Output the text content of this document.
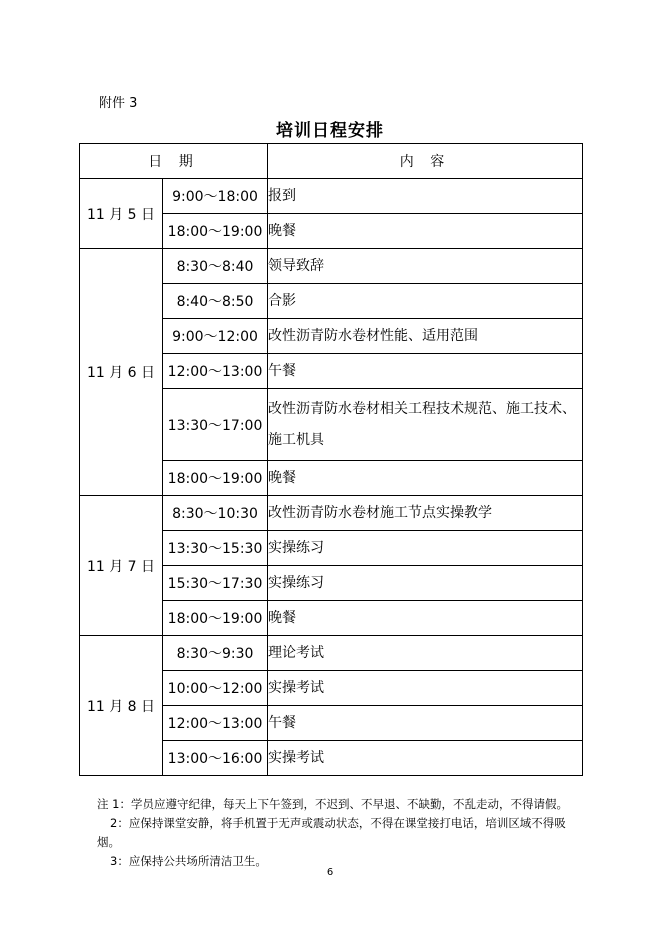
附件 3
培训日程安排
日 期		内 容
11 月 5 日	9:00～18:00	报到
	18:00～19:00	晚餐
11 月 6 日	8:30～8:40	领导致辞
	8:40～8:50	合影
	9:00～12:00	改性沥青防水卷材性能、适用范围
	12:00～13:00	午餐
	13:30～17:00	改性沥青防水卷材相关工程技术规范、施工技术、施工机具
	18:00～19:00	晚餐
11 月 7 日	8:30～10:30	改性沥青防水卷材施工节点实操教学
	13:30～15:30	实操练习
	15:30～17:30	实操练习
	18:00～19:00	晚餐
11 月 8 日	8:30～9:30	理论考试
	10:00～12:00	实操考试
	12:00～13:00	午餐
	13:00～16:00	实操考试

注 1：学员应遵守纪律，每天上下午签到，不迟到、不早退、不缺勤，不乱走动，不得请假。

2：应保持课堂安静，将手机置于无声或震动状态，不得在课堂接打电话，培训区域不得吸烟。

3：应保持公共场所清洁卫生。

6
